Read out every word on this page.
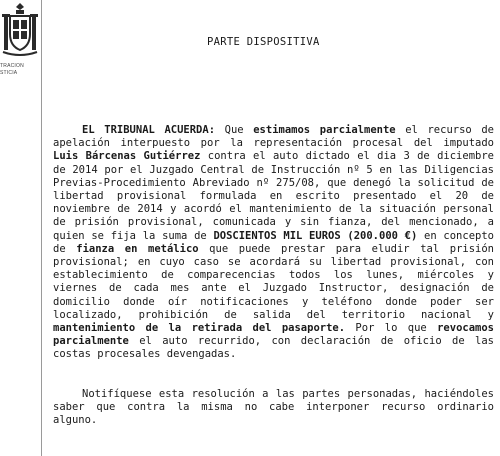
TRACION
STICIA
PARTE DISPOSITIVA

EL TRIBUNAL ACUERDA: Que estimamos parcialmente el recurso de apelación interpuesto por la representación procesal del imputado Luis Bárcenas Gutiérrez contra el auto dictado el dia 3 de diciembre de 2014 por el Juzgado Central de Instrucción nº 5 en las Diligencias Previas-Procedimiento Abreviado nº 275/08, que denegó la solicitud de libertad provisional formulada en escrito presentado el 20 de noviembre de 2014 y acordó el mantenimiento de la situación personal de prisión provisional, comunicada y sin fianza, del mencionado, a quien se fija la suma de DOSCIENTOS MIL EUROS (200.000 €) en concepto de fianza en metálico que puede prestar para eludir tal prisión provisional; en cuyo caso se acordará su libertad provisional, con establecimiento de comparecencias todos los lunes, miércoles y viernes de cada mes ante el Juzgado Instructor, designación de domicilio donde oír notificaciones y teléfono donde poder ser localizado, prohibición de salida del territorio nacional y mantenimiento de la retirada del pasaporte. Por lo que revocamos parcialmente el auto recurrido, con declaración de oficio de las costas procesales devengadas.

Notifíquese esta resolución a las partes personadas, haciéndoles saber que contra la misma no cabe interponer recurso ordinario alguno.
